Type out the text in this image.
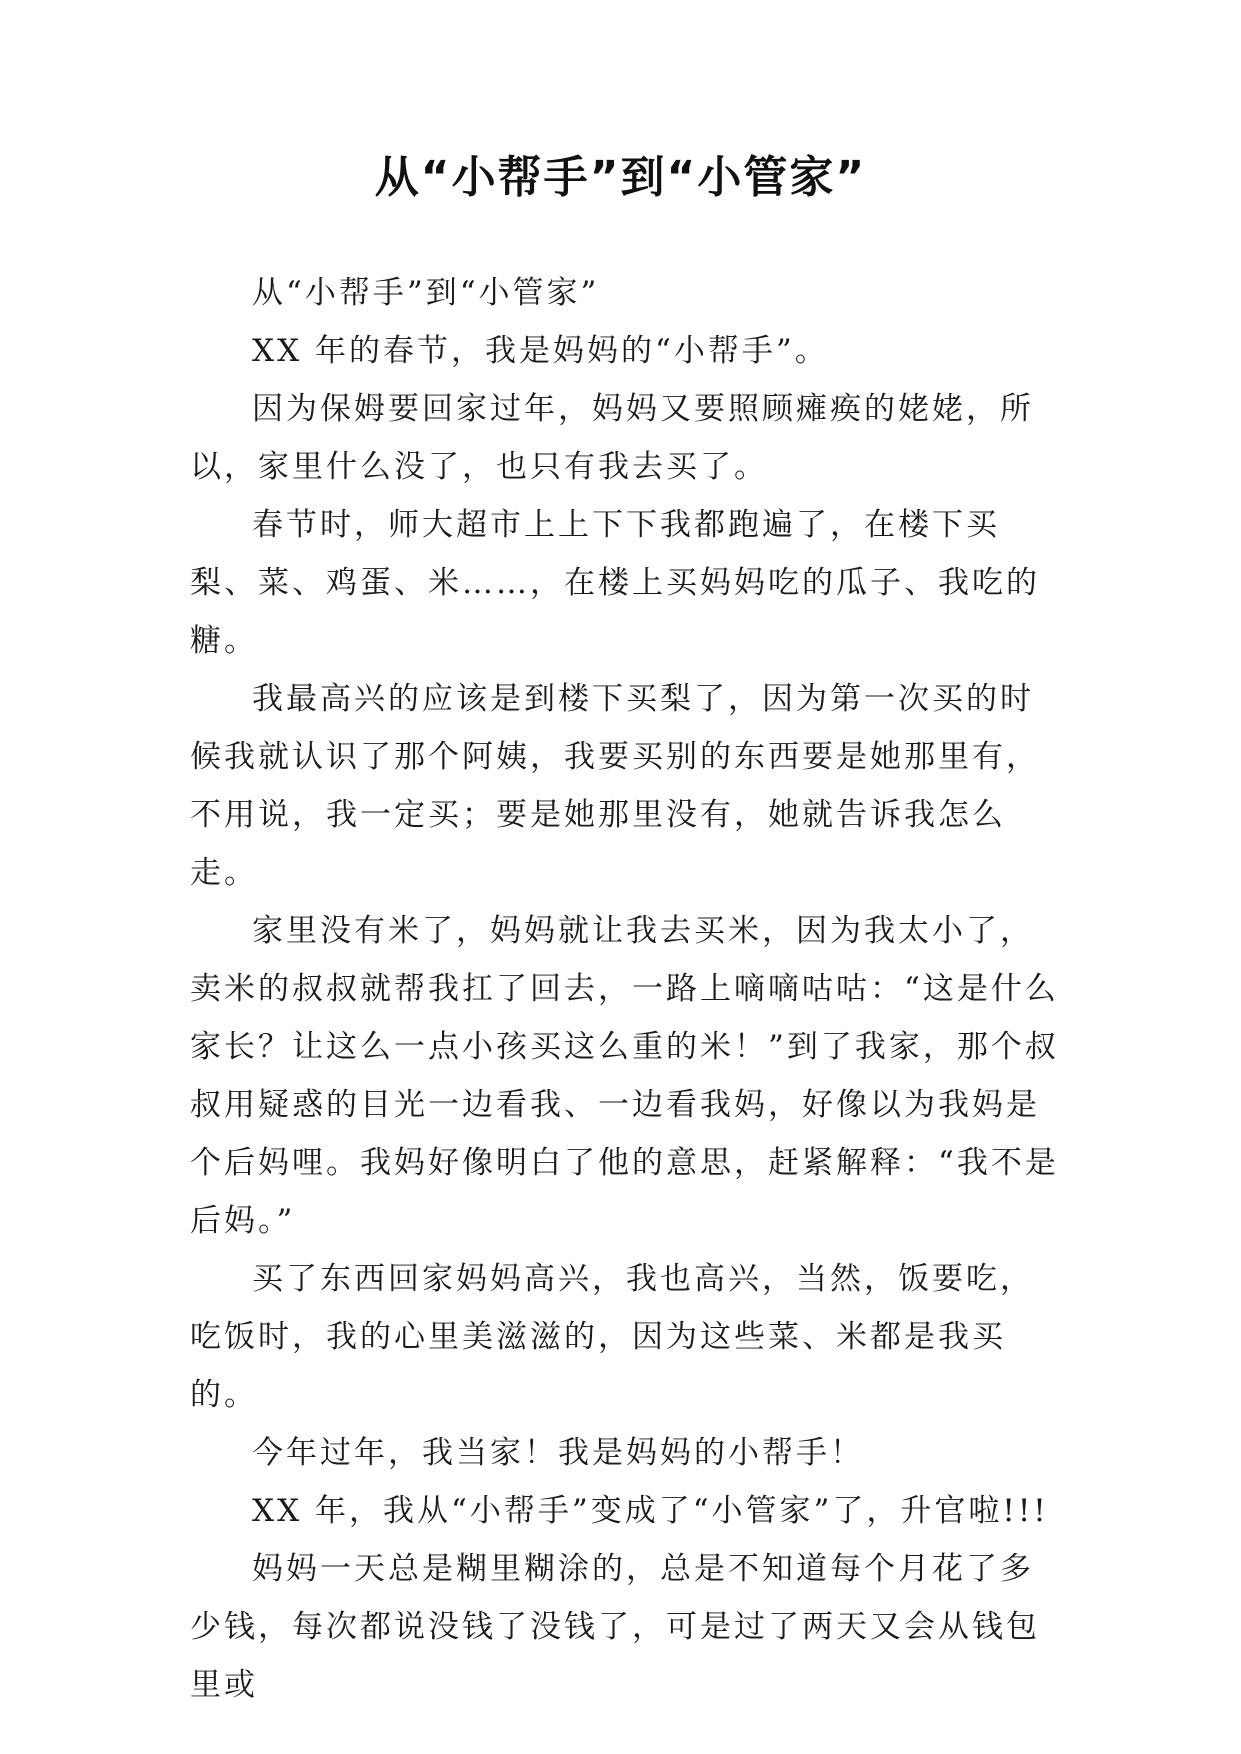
从“小帮手”到“小管家”

从“小帮手”到“小管家”

XX 年的春节，我是妈妈的“小帮手”。

因为保姆要回家过年，妈妈又要照顾瘫痪的姥姥，所以，家里什么没了，也只有我去买了。

春节时，师大超市上上下下我都跑遍了，在楼下买梨、菜、鸡蛋、米……，在楼上买妈妈吃的瓜子、我吃的糖。

我最高兴的应该是到楼下买梨了，因为第一次买的时候我就认识了那个阿姨，我要买别的东西要是她那里有，不用说，我一定买；要是她那里没有，她就告诉我怎么走。

家里没有米了，妈妈就让我去买米，因为我太小了，卖米的叔叔就帮我扛了回去，一路上嘀嘀咕咕：“这是什么家长？让这么一点小孩买这么重的米！”到了我家，那个叔叔用疑惑的目光一边看我、一边看我妈，好像以为我妈是个后妈哩。我妈好像明白了他的意思，赶紧解释：“我不是后妈。”

买了东西回家妈妈高兴，我也高兴，当然，饭要吃，吃饭时，我的心里美滋滋的，因为这些菜、米都是我买的。

今年过年，我当家！我是妈妈的小帮手！

XX 年，我从“小帮手”变成了“小管家”了，升官啦!!!

妈妈一天总是糊里糊涂的，总是不知道每个月花了多少钱，每次都说没钱了没钱了，可是过了两天又会从钱包里或
